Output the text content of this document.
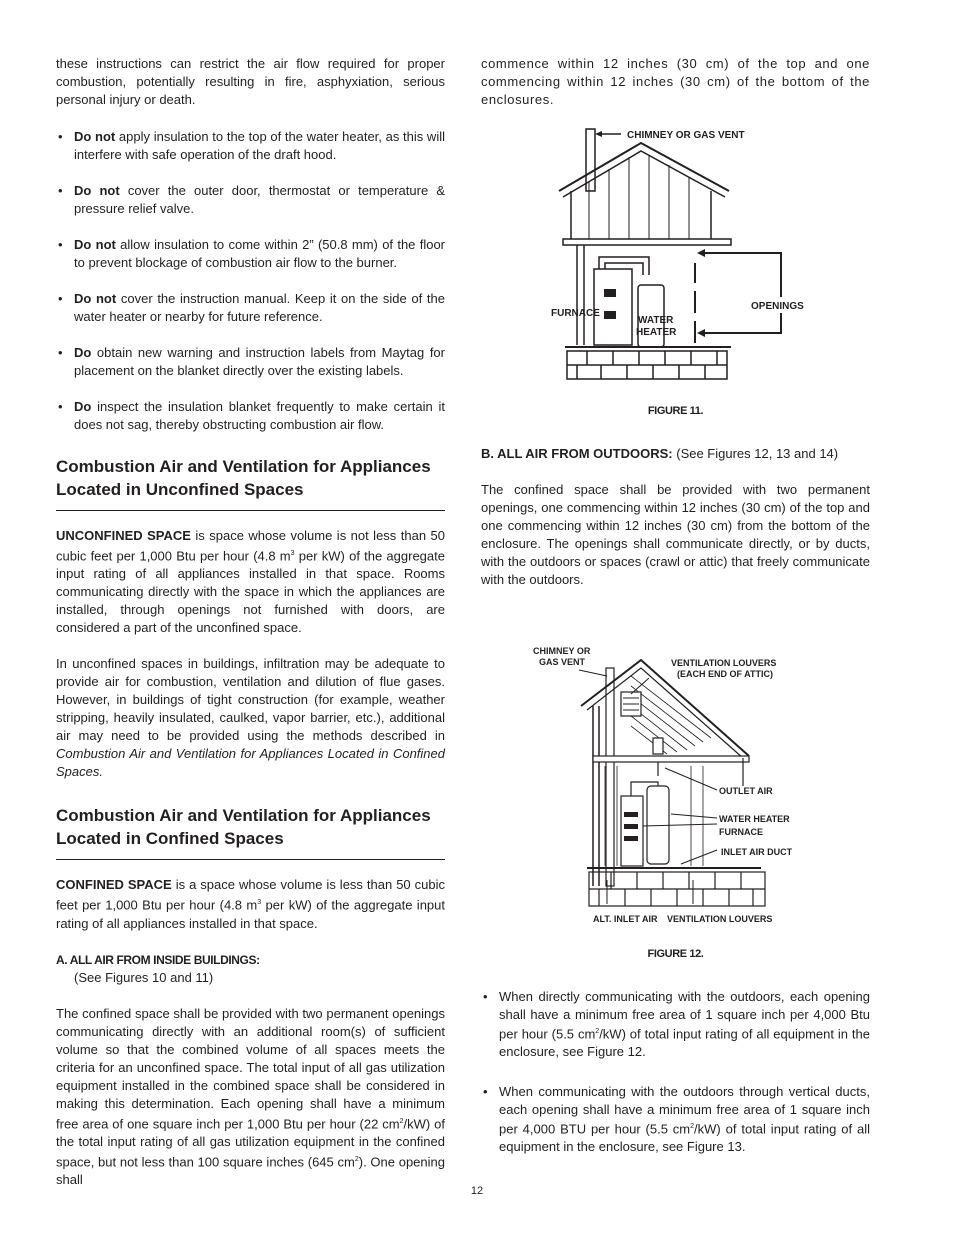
these instructions can restrict the air flow required for proper combustion, potentially resulting in fire, asphyxiation, serious personal injury or death.

• Do not apply insulation to the top of the water heater, as this will interfere with safe operation of the draft hood.
• Do not cover the outer door, thermostat or temperature & pressure relief valve.
• Do not allow insulation to come within 2” (50.8 mm) of the floor to prevent blockage of combustion air flow to the burner.
• Do not cover the instruction manual. Keep it on the side of the water heater or nearby for future reference.
• Do obtain new warning and instruction labels from Maytag for placement on the blanket directly over the existing labels.
• Do inspect the insulation blanket frequently to make certain it does not sag, thereby obstructing combustion air flow.
Combustion Air and Ventilation for Appliances Located in Unconfined Spaces

UNCONFINED SPACE is space whose volume is not less than 50 cubic feet per 1,000 Btu per hour (4.8 $m^3$ per kW) of the aggregate input rating of all appliances installed in that space. Rooms communicating directly with the space in which the appliances are installed, through openings not furnished with doors, are considered a part of the unconfined space.

In unconfined spaces in buildings, infiltration may be adequate to provide air for combustion, ventilation and dilution of flue gases. However, in buildings of tight construction (for example, weather stripping, heavily insulated, caulked, vapor barrier, etc.), additional air may need to be provided using the methods described in Combustion Air and Ventilation for Appliances Located in Confined Spaces.

Combustion Air and Ventilation for Appliances Located in Confined Spaces

CONFINED SPACE is a space whose volume is less than 50 cubic feet per 1,000 Btu per hour (4.8 $m^3$ per kW) of the aggregate input rating of all appliances installed in that space.

A. ALL AIR FROM INSIDE BUILDINGS:

(See Figures 10 and 11)

The confined space shall be provided with two permanent openings communicating directly with an additional room(s) of sufficient volume so that the combined volume of all spaces meets the criteria for an unconfined space. The total input of all gas utilization equipment installed in the combined space shall be considered in making this determination. Each opening shall have a minimum free area of one square inch per 1,000 Btu per hour (22 $cm^2/kW$) of the total input rating of all gas utilization equipment in the confined space, but not less than 100 square inches (645 $cm^2$). One opening shall

commence within 12 inches (30 cm) of the top and one commencing within 12 inches (30 cm) of the bottom of the enclosures.

CHIMNEY OR GAS VENT
OPENINGS
FURNACE
WATER
HEATER
FIGURE 11.

B. ALL AIR FROM OUTDOORS: (See Figures 12, 13 and 14)

The confined space shall be provided with two permanent openings, one commencing within 12 inches (30 cm) of the top and one commencing within 12 inches (30 cm) from the bottom of the enclosure. The openings shall communicate directly, or by ducts, with the outdoors or spaces (crawl or attic) that freely communicate with the outdoors.

CHIMNEY OR
GAS VENT	VENTILATION LOUVERS
(EACH END OF ATTIC)
OUTLET AIR
WATER HEATER
FURNACE
INLET AIR DUCT
ALT. INLET AIR VENTILATION LOUVERS
FIGURE 12.
• When directly communicating with the outdoors, each opening shall have a minimum free area of 1 square inch per 4,000 Btu per hour (5.5 $cm^2/kW$) of total input rating of all equipment in the enclosure, see Figure 12.
• When communicating with the outdoors through vertical ducts, each opening shall have a minimum free area of 1 square inch per 4,000 BTU per hour (5.5 $cm^2/kW$) of total input rating of all equipment in the enclosure, see Figure 13.
12
